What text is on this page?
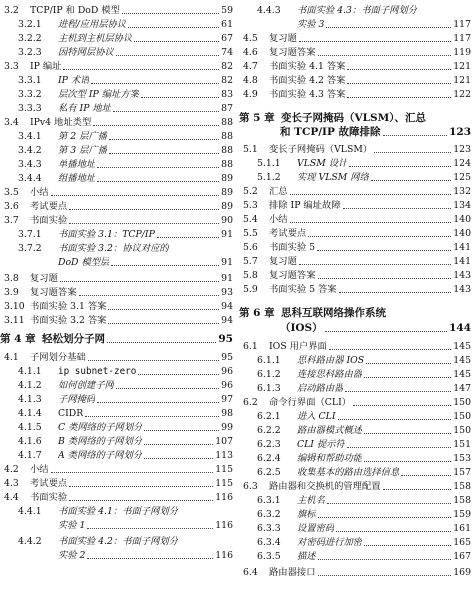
3.2	TCP/IP 和 DoD 模型	59
3.2.1	进程/应用层协议	61
3.2.2	主机到主机层协议	67
3.2.3	因特网层协议	74
3.3	IP 编址	82
3.3.1	IP 术语	82
3.3.2	层次型 IP 编址方案	83
3.3.3	私有 IP 地址	87
3.4	IPv4 地址类型	88
3.4.1	第 2 层广播	88
3.4.2	第 3 层广播	88
3.4.3	单播地址	88
3.4.4	组播地址	89
3.5	小结	89
3.6	考试要点	89
3.7	书面实验	90
3.7.1	书面实验 3.1：TCP/IP	91
3.7.2	书面实验 3.2：协议对应的
DoD 模型层	91
3.8	复习题	91
3.9	复习题答案	93
3.10 书面实验 3.1 答案	94
3.11 书面实验 3.2 答案	94
第 4 章 轻松划分子网	95
4.1	子网划分基础	95
4.1.1	ip subnet-zero	96
4.1.2	如何创建子网	96
4.1.3	子网掩码	97
4.1.4	CIDR	98
4.1.5	C 类网络的子网划分	99
4.1.6	B 类网络的子网划分	107
4.1.7	A 类网络的子网划分	113
4.2	小结	115
4.3	考试要点	115
4.4	书面实验	116
4.4.1	书面实验 4.1：书面子网划分
实验 1	116
4.4.2	书面实验 4.2：书面子网划分
实验 2	116
4.4.3	书面实验 4.3：书面子网划分
实验 3	117
4.5	复习题	117
4.6	复习题答案	119
4.7	书面实验 4.1 答案	121
4.8	书面实验 4.2 答案	121
4.9	书面实验 4.3 答案	122
第 5 章 变长子网掩码（VLSM）、汇总
和 TCP/IP 故障排除	123
5.1	变长子网掩码（VLSM）	123
5.1.1	VLSM 设计	124
5.1.2	实现 VLSM 网络	125
5.2	汇总	132
5.3	排除 IP 编址故障	134
5.4	小结	140
5.5	考试要点	140
5.6	书面实验 5	141
5.7	复习题	141
5.8	复习题答案	143
5.9	书面实验 5 答案	143
第 6 章 思科互联网络操作系统
（IOS）	144
6.1	IOS 用户界面	145
6.1.1	思科路由器 IOS	145
6.1.2	连接思科路由器	145
6.1.3	启动路由器	147
6.2	命令行界面（CLI）	150
6.2.1	进入 CLI	150
6.2.2	路由器模式概述	150
6.2.3	CLI 提示符	151
6.2.4	编辑和帮助功能	153
6.2.5	收集基本的路由选择信息	157
6.3	路由器和交换机的管理配置	158
6.3.1	主机名	158
6.3.2	旗标	159
6.3.3	设置密码	161
6.3.4	对密码进行加密	165
6.3.5	描述	167
6.4	路由器接口	169
